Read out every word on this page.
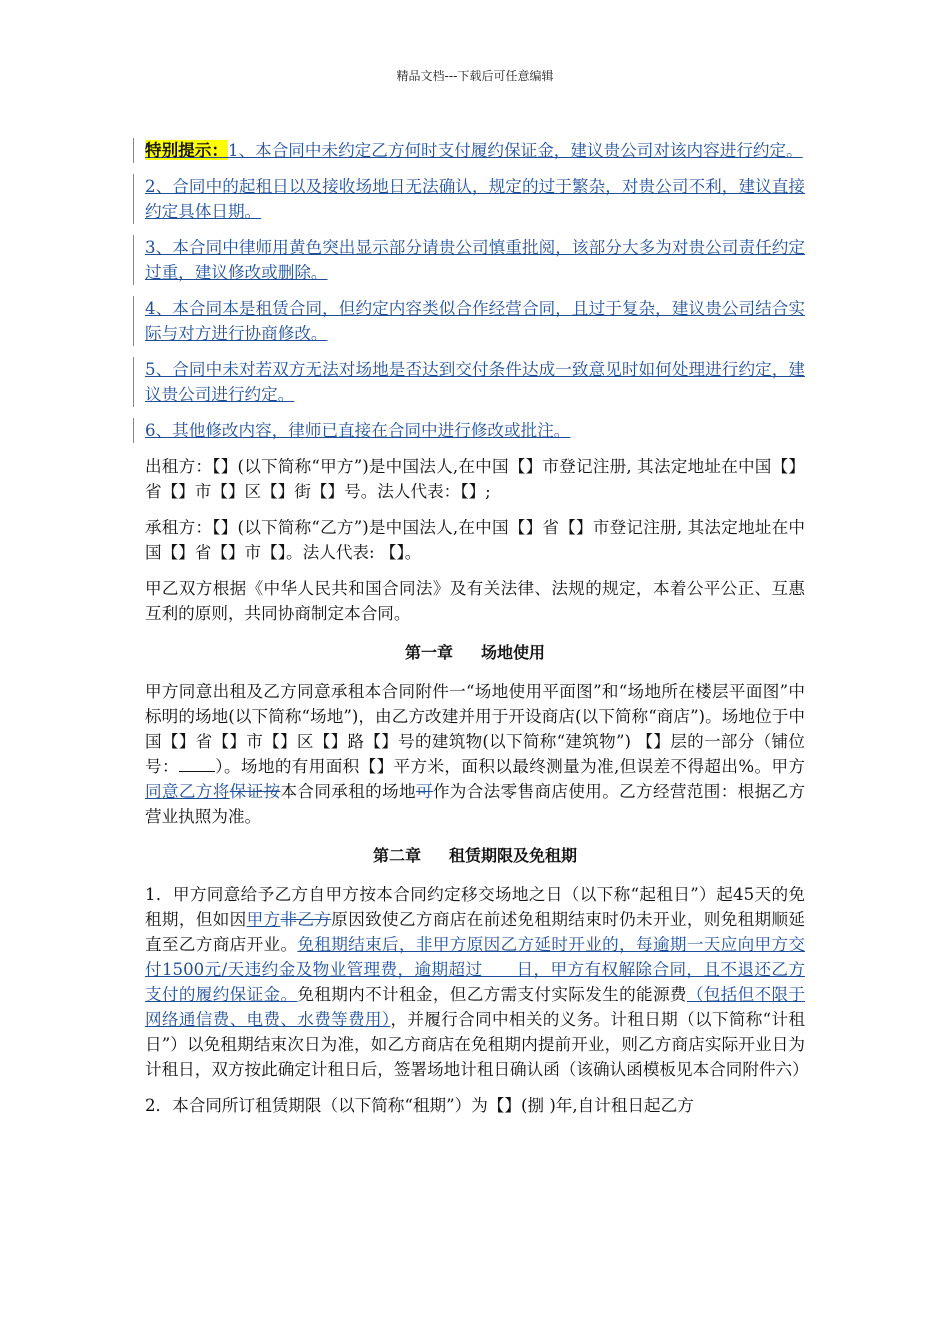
精品文档---下载后可任意编辑

特别提示：1、本合同中未约定乙方何时支付履约保证金，建议贵公司对该内容进行约定。

2、合同中的起租日以及接收场地日无法确认，规定的过于繁杂，对贵公司不利，建议直接约定具体日期。

3、本合同中律师用黄色突出显示部分请贵公司慎重批阅，该部分大多为对贵公司责任约定过重，建议修改或删除。

4、本合同本是租赁合同，但约定内容类似合作经营合同，且过于复杂，建议贵公司结合实际与对方进行协商修改。

5、合同中未对若双方无法对场地是否达到交付条件达成一致意见时如何处理进行约定，建议贵公司进行约定。

6、其他修改内容，律师已直接在合同中进行修改或批注。

出租方：【】(以下简称“甲方”)是中国法人,在中国【】市登记注册, 其法定地址在中国【】省【】市【】区【】街【】号。法人代表：【】;

承租方：【】(以下简称“乙方”)是中国法人,在中国【】省【】市登记注册, 其法定地址在中国【】省【】市【】。法人代表: 【】。

甲乙双方根据《中华人民共和国合同法》及有关法律、法规的规定，本着公平公正、互惠互利的原则，共同协商制定本合同。

第一章 场地使用

甲方同意出租及乙方同意承租本合同附件一“场地使用平面图”和“场地所在楼层平面图”中标明的场地(以下简称“场地”)，由乙方改建并用于开设商店(以下简称“商店”)。场地位于中国【】省【】市【】区【】路【】号的建筑物(以下简称“建筑物”) 【】层的一部分（铺位号： ）。场地的有用面积【】平方米，面积以最终测量为准,但误差不得超出%。甲方同意乙方将保证按本合同承租的场地可作为合法零售商店使用。乙方经营范围：根据乙方营业执照为准。

第二章 租赁期限及免租期

1．甲方同意给予乙方自甲方按本合同约定移交场地之日（以下称“起租日”）起45天的免租期，但如因甲方非乙方原因致使乙方商店在前述免租期结束时仍未开业，则免租期顺延直至乙方商店开业。免租期结束后，非甲方原因乙方延时开业的，每逾期一天应向甲方交付1500元/天违约金及物业管理费，逾期超过　　日，甲方有权解除合同，且不退还乙方支付的履约保证金。免租期内不计租金，但乙方需支付实际发生的能源费（包括但不限于网络通信费、电费、水费等费用），并履行合同中相关的义务。计租日期（以下简称“计租日”）以免租期结束次日为准，如乙方商店在免租期内提前开业，则乙方商店实际开业日为计租日，双方按此确定计租日后，签署场地计租日确认函（该确认函模板见本合同附件六）

2．本合同所订租赁期限（以下简称“租期”）为【】(捌 )年,自计租日起乙方
